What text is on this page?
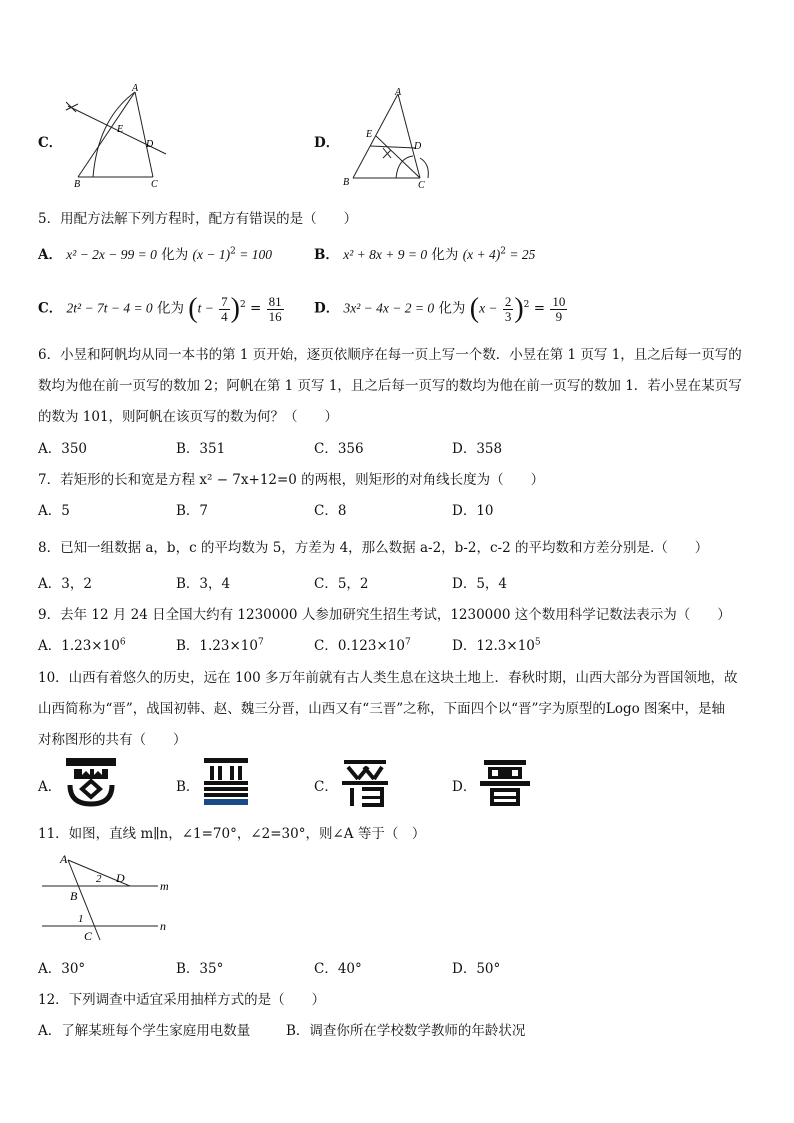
C．
A
E
D
B	C
D．
A
E
D
B	C
5．用配方法解下列方程时，配方有错误的是（　　）
A． x² − 2x − 99 = 0 化为 $(x - 1)^2 = 100$	B． x² + 8x + 9 = 0 化为 $(x + 4)^2 = 25$
C． 2t² − 7t − 4 = 0 化为 $(t - \frac{7}{4} )^2 = \frac{81}{16}$ D． 3x² − 4x − 2 = 0 化为 $(x - \frac{2}{3} )^2 = \frac{10}{9}$
6．小昱和阿帆均从同一本书的第 1 页开始，逐页依顺序在每一页上写一个数．小昱在第 1 页写 1，且之后每一页写的
数均为他在前一页写的数加 2；阿帆在第 1 页写 1，且之后每一页写的数均为他在前一页写的数加 1．若小昱在某页写
的数为 101，则阿帆在该页写的数为何？（　　）
A．350	B．351	C．356	D．358
7．若矩形的长和宽是方程 x² − 7x+12=0 的两根，则矩形的对角线长度为（　　）
A．5	B．7	C．8	D．10
8．已知一组数据 a，b，c 的平均数为 5，方差为 4，那么数据 a-2，b-2，c-2 的平均数和方差分别是.（　　）
A．3，2	B．3，4	C．5，2	D．5，4
9．去年 12 月 24 日全国大约有 1230000 人参加研究生招生考试，1230000 这个数用科学记数法表示为（　　）
A．$1.23\times 10^6$	B．$1.23\times 10^7$	C．$0.123\times 10^7$	D．$12.3\times 10^5$
10．山西有着悠久的历史，远在 100 多万年前就有古人类生息在这块土地上．春秋时期，山西大部分为晋国领地，故
山西简称为“晋”，战国初韩、赵、魏三分晋，山西又有“三晋”之称，下面四个以“晋”字为原型的Logo 图案中，是轴
对称图形的共有（　　）
A．	B．	C．	D．
11．如图，直线 m∥n，∠1=70°，∠2=30°，则∠A 等于（　）
A
B
C
D
m
n
1
2
A．30°	B．35°	C．40°	D．50°
12．下列调查中适宜采用抽样方式的是（　　）
A．了解某班每个学生家庭用电数量	B．调查你所在学校数学教师的年龄状况
